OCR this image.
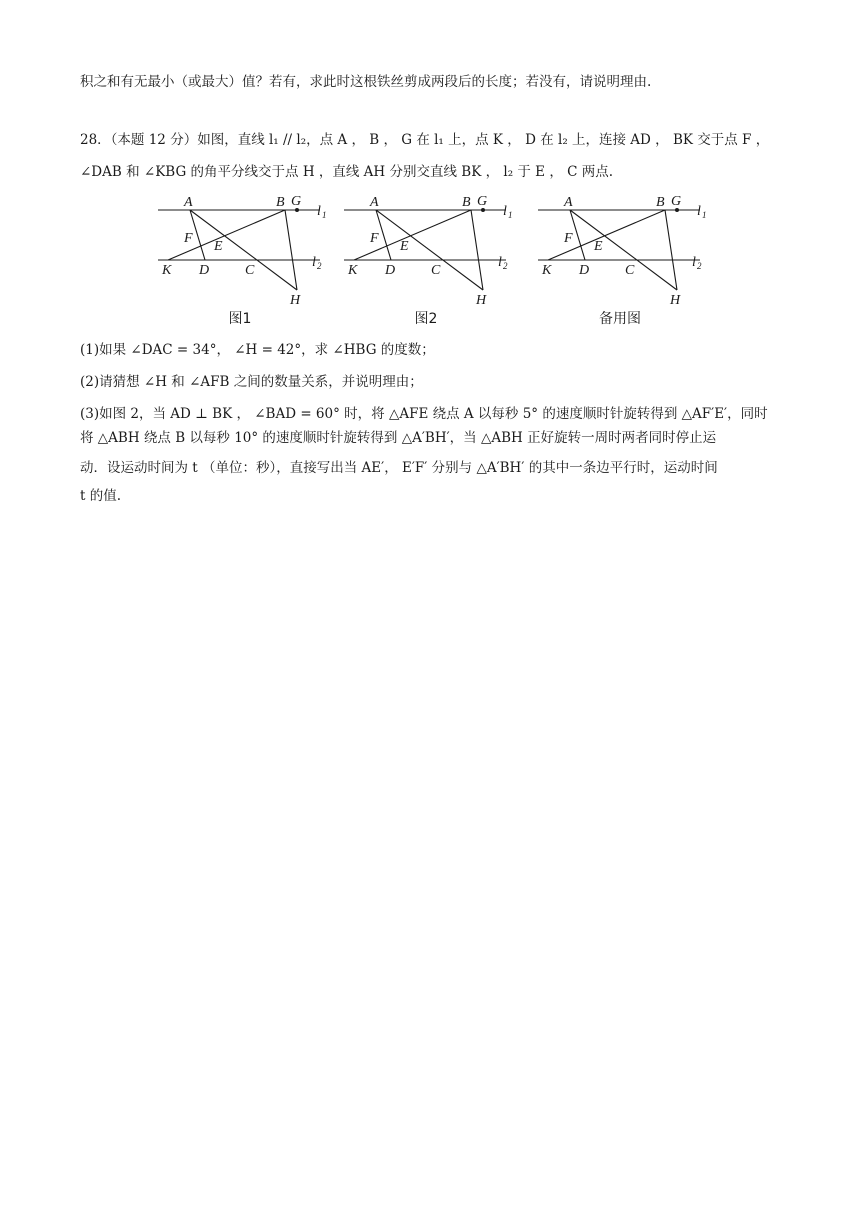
积之和有无最小（或最大）值？若有，求此时这根铁丝剪成两段后的长度；若没有，请说明理由.
28．（本题 12 分）如图，直线 l₁ // l₂，点 A ， B ， G 在 l₁ 上，点 K ， D 在 l₂ 上，连接 AD ， BK 交于点 F ，
∠DAB 和 ∠KBG 的角平分线交于点 H ，直线 AH 分别交直线 BK ， l₂ 于 E ， C 两点.
A	B G
l 1
F
E
K D	C
l 2
H
图1
A	B G
l 1
F
E
K D	C
l 2
H
图2
A	B G
l 1
F
E
K D	C
l 2
H
备用图
(1)如果 ∠DAC = 34°， ∠H = 42°，求 ∠HBG 的度数；
(2)请猜想 ∠H 和 ∠AFB 之间的数量关系，并说明理由；
(3)如图 2，当 AD ⊥ BK ， ∠BAD = 60° 时，将 △AFE 绕点 A 以每秒 5° 的速度顺时针旋转得到 △AF′E′，同时
将 △ABH 绕点 B 以每秒 10° 的速度顺时针旋转得到 △A′BH′，当 △ABH 正好旋转一周时两者同时停止运
动．设运动时间为 t （单位：秒），直接写出当 AE′， E′F′ 分别与 △A′BH′ 的其中一条边平行时，运动时间
t 的值.
